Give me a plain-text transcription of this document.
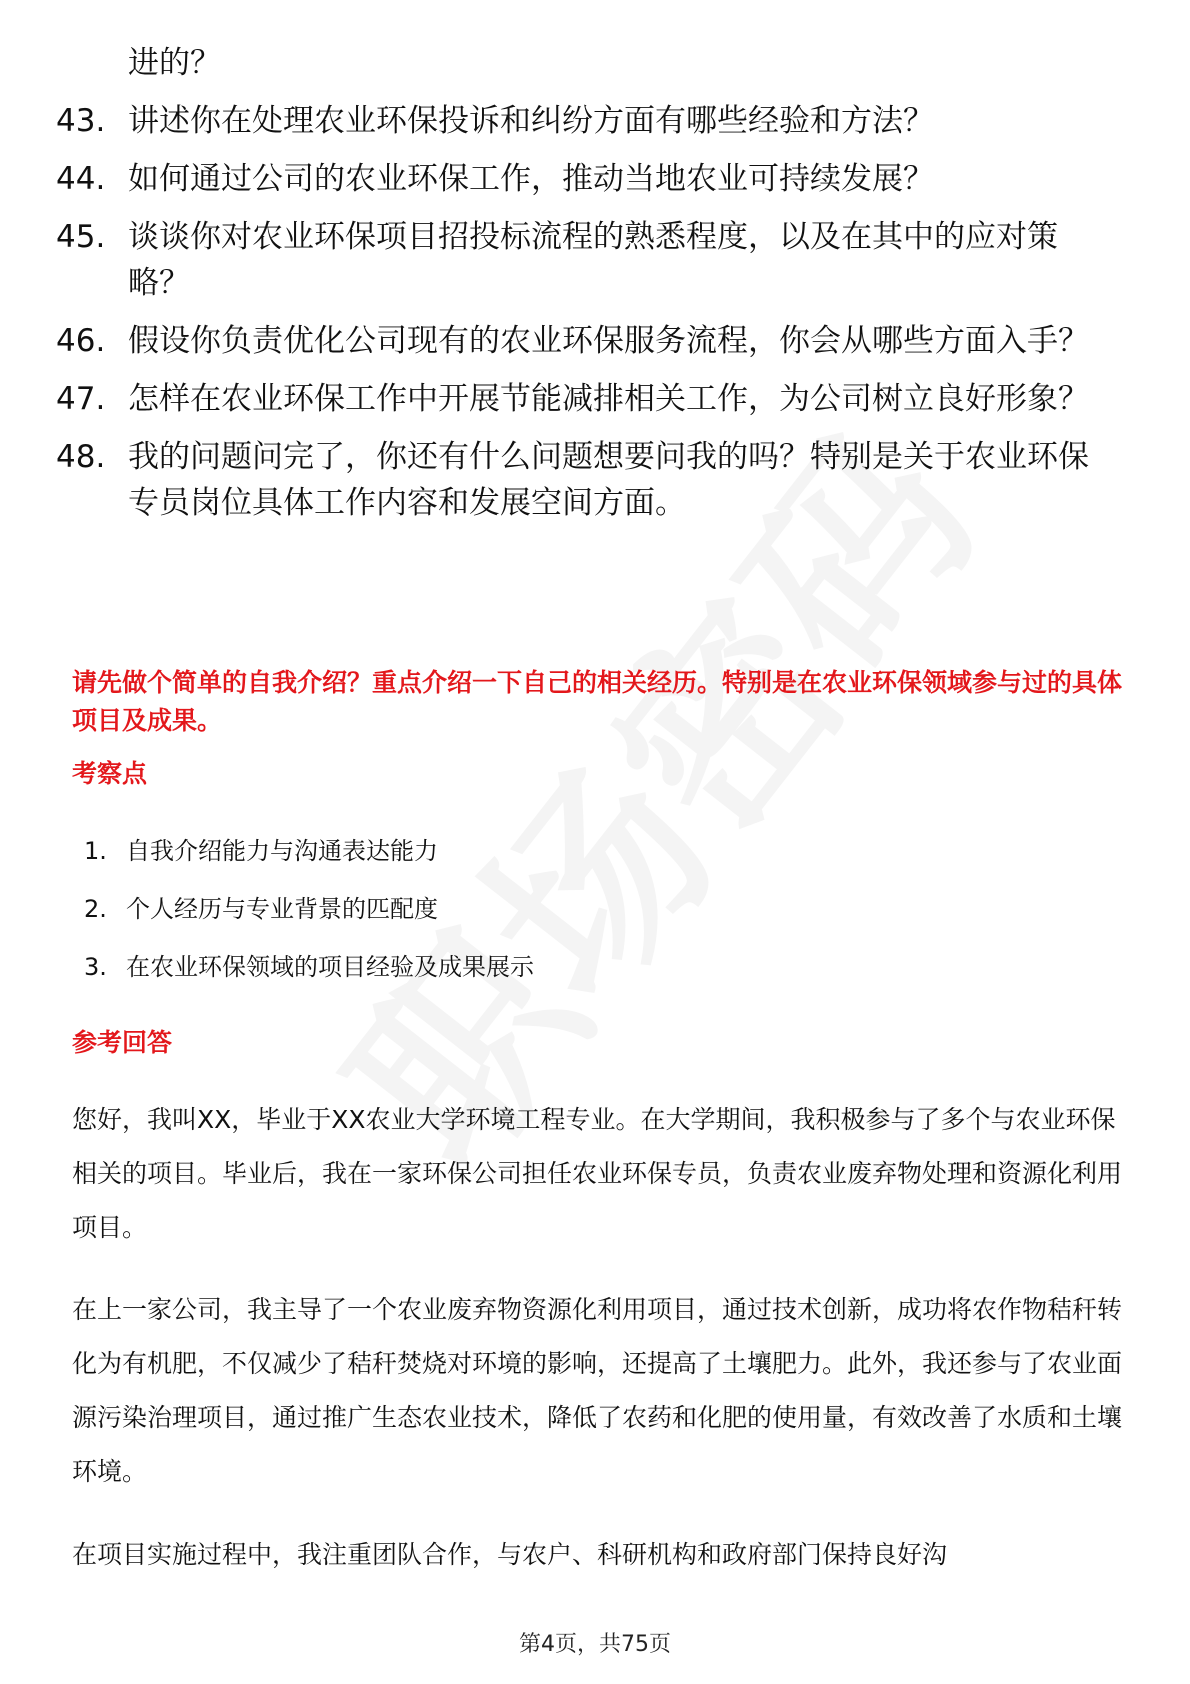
进的？

43. 讲述你在处理农业环保投诉和纠纷方面有哪些经验和方法？
44. 如何通过公司的农业环保工作，推动当地农业可持续发展？
45. 谈谈你对农业环保项目招投标流程的熟悉程度，以及在其中的应对策略？
46. 假设你负责优化公司现有的农业环保服务流程，你会从哪些方面入手？
47. 怎样在农业环保工作中开展节能减排相关工作，为公司树立良好形象？
48. 我的问题问完了，你还有什么问题想要问我的吗？特别是关于农业环保专员岗位具体工作内容和发展空间方面。

请先做个简单的自我介绍？重点介绍一下自己的相关经历。特别是在农业环保领域参与过的具体项目及成果。

考察点

1. 自我介绍能力与沟通表达能力
2. 个人经历与专业背景的匹配度
3. 在农业环保领域的项目经验及成果展示

参考回答

您好，我叫XX，毕业于XX农业大学环境工程专业。在大学期间，我积极参与了多个与农业环保相关的项目。毕业后，我在一家环保公司担任农业环保专员，负责农业废弃物处理和资源化利用项目。

在上一家公司，我主导了一个农业废弃物资源化利用项目，通过技术创新，成功将农作物秸秆转化为有机肥，不仅减少了秸秆焚烧对环境的影响，还提高了土壤肥力。此外，我还参与了农业面源污染治理项目，通过推广生态农业技术，降低了农药和化肥的使用量，有效改善了水质和土壤环境。

在项目实施过程中，我注重团队合作，与农户、科研机构和政府部门保持良好沟

第4页，共75页
